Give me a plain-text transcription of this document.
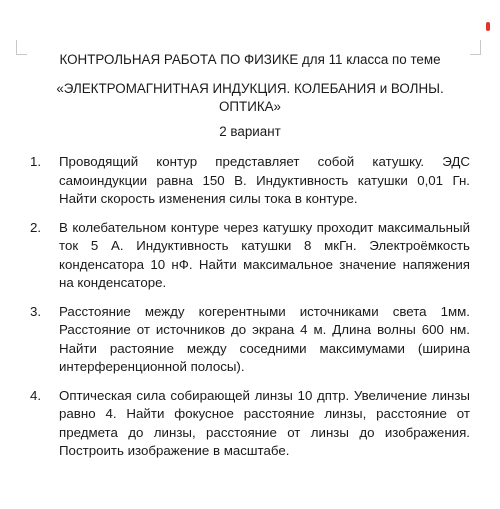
КОНТРОЛЬНАЯ РАБОТА ПО ФИЗИКЕ для 11 класса по теме
«ЭЛЕКТРОМАГНИТНАЯ ИНДУКЦИЯ. КОЛЕБАНИЯ и ВОЛНЫ. ОПТИКА»
2 вариант
1.	Проводящий контур представляет собой катушку. ЭДС самоиндукции равна 150 В. Индуктивность катушки 0,01 Гн. Найти скорость изменения силы тока в контуре.
2.	В колебательном контуре через катушку проходит максимальный ток 5 А. Индуктивность катушки 8 мкГн. Электроёмкость конденсатора 10 нФ. Найти максимальное значение напяжения на конденсаторе.
3.	Расстояние между когерентными источниками света 1мм. Расстояние от источников до экрана 4 м. Длина волны 600 нм. Найти растояние между соседними максимумами (ширина интерференционной полосы).
4.	Оптическая сила собирающей линзы 10 дптр. Увеличение линзы равно 4. Найти фокусное расстояние линзы, расстояние от предмета до линзы, расстояние от линзы до изображения. Построить изображение в масштабе.
